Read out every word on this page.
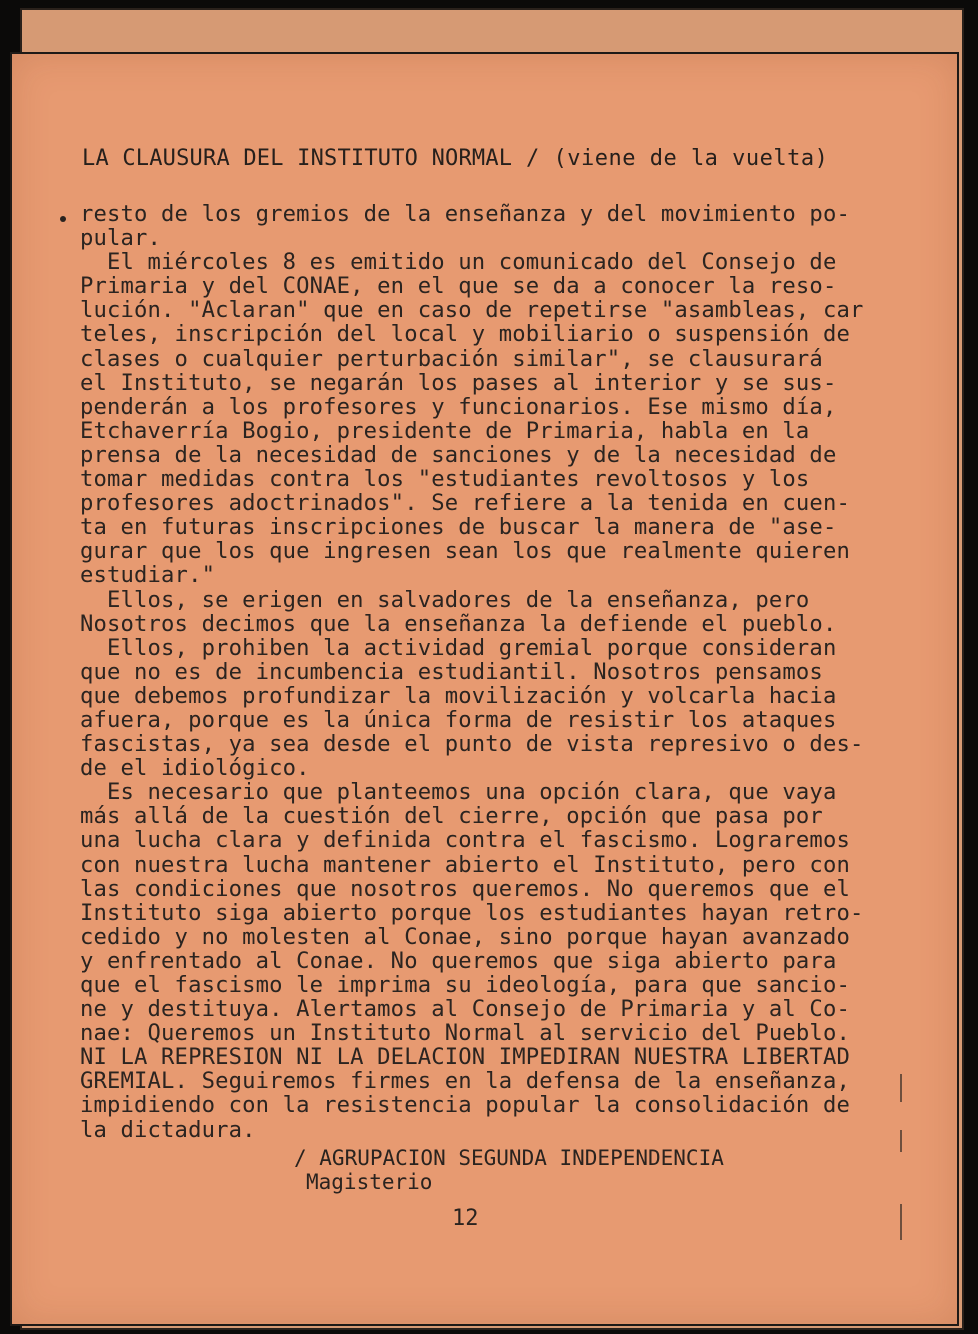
LA CLAUSURA DEL INSTITUTO NORMAL / (viene de la vuelta)
resto de los gremios de la enseñanza y del movimiento po-
pular.
El miércoles 8 es emitido un comunicado del Consejo de
Primaria y del CONAE, en el que se da a conocer la reso-
lución. "Aclaran" que en caso de repetirse "asambleas, car
teles, inscripción del local y mobiliario o suspensión de
clases o cualquier perturbación similar", se clausurará
el Instituto, se negarán los pases al interior y se sus-
penderán a los profesores y funcionarios. Ese mismo día,
Etchaverría Bogio, presidente de Primaria, habla en la
prensa de la necesidad de sanciones y de la necesidad de
tomar medidas contra los "estudiantes revoltosos y los
profesores adoctrinados". Se refiere a la tenida en cuen-
ta en futuras inscripciones de buscar la manera de "ase-
gurar que los que ingresen sean los que realmente quieren
estudiar."
Ellos, se erigen en salvadores de la enseñanza, pero
Nosotros decimos que la enseñanza la defiende el pueblo.
Ellos, prohiben la actividad gremial porque consideran
que no es de incumbencia estudiantil. Nosotros pensamos
que debemos profundizar la movilización y volcarla hacia
afuera, porque es la única forma de resistir los ataques
fascistas, ya sea desde el punto de vista represivo o des-
de el idiológico.
Es necesario que planteemos una opción clara, que vaya
más allá de la cuestión del cierre, opción que pasa por
una lucha clara y definida contra el fascismo. Lograremos
con nuestra lucha mantener abierto el Instituto, pero con
las condiciones que nosotros queremos. No queremos que el
Instituto siga abierto porque los estudiantes hayan retro-
cedido y no molesten al Conae, sino porque hayan avanzado
y enfrentado al Conae. No queremos que siga abierto para
que el fascismo le imprima su ideología, para que sancio-
ne y destituya. Alertamos al Consejo de Primaria y al Co-
nae: Queremos un Instituto Normal al servicio del Pueblo.
NI LA REPRESION NI LA DELACION IMPEDIRAN NUESTRA LIBERTAD
GREMIAL. Seguiremos firmes en la defensa de la enseñanza,
impidiendo con la resistencia popular la consolidación de
la dictadura.
/ AGRUPACION SEGUNDA INDEPENDENCIA
Magisterio
12
